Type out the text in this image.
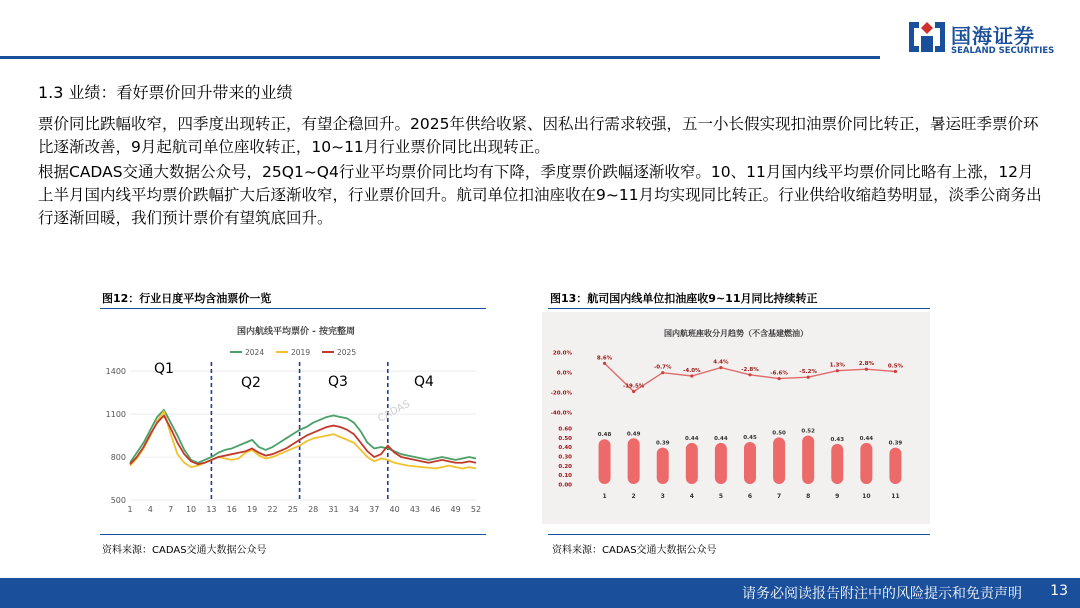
国海证券
SEALAND SECURITIES
1.3 业绩：看好票价回升带来的业绩

票价同比跌幅收窄，四季度出现转正，有望企稳回升。2025年供给收紧、因私出行需求较强，五一小长假实现扣油票价同比转正，暑运旺季票价环比逐渐改善，9月起航司单位座收转正，10~11月行业票价同比出现转正。

根据CADAS交通大数据公众号，25Q1~Q4行业平均票价同比均有下降，季度票价跌幅逐渐收窄。10、11月国内线平均票价同比略有上涨，12月上半月国内线平均票价跌幅扩大后逐渐收窄，行业票价回升。航司单位扣油座收在9~11月均实现同比转正。行业供给收缩趋势明显，淡季公商务出行逐渐回暖，我们预计票价有望筑底回升。

图12：行业日度平均含油票价一览
国内航线平均票价 - 按完整周
2024	2019	2025
500
800
1100
1400
1 4 7 10 13 16 19 22 25 28 31 34 37 40 43 46 49 52
CADAS
Q1
Q2	Q3	Q4
资料来源：CADAS交通大数据公众号
图13：航司国内线单位扣油座收9~11月同比持续转正
国内航班座收分月趋势（不含基建燃油）
20.0%
0.0%
-20.0%
-40.0%
8.6%
-19.5%
-0.7%
-4.0%
4.4%
-2.8%
-6.6% -5.2%
1.3%	2.8%	0.5%
0.60
0.50
0.40
0.30
0.20
0.10
0.00
0.48	0.49
0.39
0.44	0.44	0.45
0.50	0.52
0.43	0.44
0.39
1	2	3	4	5	6	7	8	9	10	11
资料来源：CADAS交通大数据公众号
请务必阅读报告附注中的风险提示和免责声明 13
